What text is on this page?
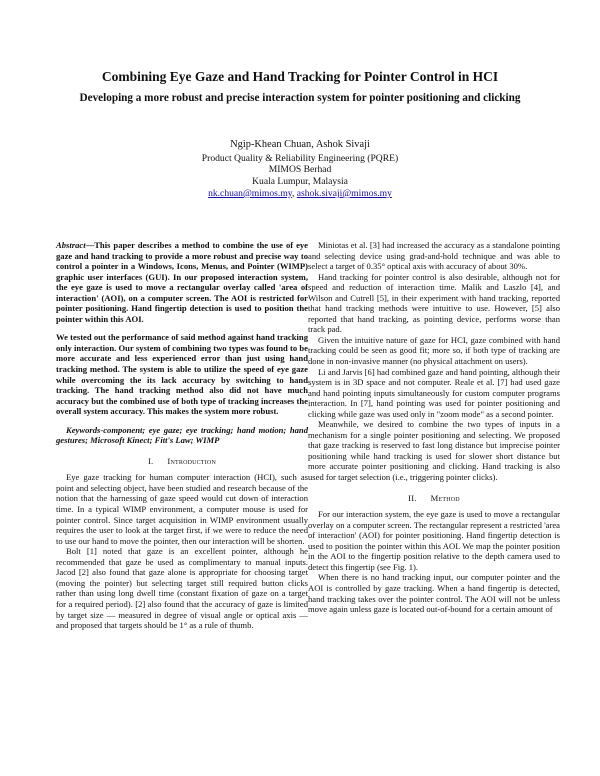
Combining Eye Gaze and Hand Tracking for Pointer Control in HCI
Developing a more robust and precise interaction system for pointer positioning and clicking
Ngip-Khean Chuan, Ashok Sivaji
Product Quality & Reliability Engineering (PQRE)
MIMOS Berhad
Kuala Lumpur, Malaysia
nk.chuan@mimos.my, ashok.sivaji@mimos.my

Abstract—This paper describes a method to combine the use of eye gaze and hand tracking to provide a more robust and precise way to control a pointer in a Windows, Icons, Menus, and Pointer (WIMP) graphic user interfaces (GUI). In our proposed interaction system, the eye gaze is used to move a rectangular overlay called 'area of interaction' (AOI), on a computer screen. The AOI is restricted for pointer positioning. Hand fingertip detection is used to position the pointer within this AOI.

We tested out the performance of said method against hand tracking only interaction. Our system of combining two types was found to be more accurate and less experienced error than just using hand tracking method. The system is able to utilize the speed of eye gaze while overcoming the its lack accuracy by switching to hand tracking. The hand tracking method also did not have much accuracy but the combined use of both type of tracking increases the overall system accuracy. This makes the system more robust.

Keywords-component; eye gaze; eye tracking; hand motion; hand gestures; Microsoft Kinect; Fitt's Law; WIMP

I. Introduction

Eye gaze tracking for human computer interaction (HCI), such as point and selecting object, have been studied and research because of the notion that the harnessing of gaze speed would cut down of interaction time. In a typical WIMP environment, a computer mouse is used for pointer control. Since target acquisition in WIMP environment usually requires the user to look at the target first, if we were to reduce the need to use our hand to move the pointer, then our interaction will be shorten.

Bolt [1] noted that gaze is an excellent pointer, although he recommended that gaze be used as complimentary to manual inputs. Jacod [2] also found that gaze alone is appropriate for choosing target (moving the pointer) but selecting target still required button clicks rather than using long dwell time (constant fixation of gaze on a target for a required period). [2] also found that the accuracy of gaze is limited by target size — measured in degree of visual angle or optical axis — and proposed that targets should be 1° as a rule of thumb.

Miniotas et al. [3] had increased the accuracy as a standalone pointing and selecting device using grad-and-hold technique and was able to select a target of 0.35° optical axis with accuracy of about 30%.

Hand tracking for pointer control is also desirable, although not for speed and reduction of interaction time. Malik and Laszlo [4], and Wilson and Cutrell [5], in their experiment with hand tracking, reported that hand tracking methods were intuitive to use. However, [5] also reported that hand tracking, as pointing device, performs worse than track pad.

Given the intuitive nature of gaze for HCI, gaze combined with hand tracking could be seen as good fit; more so, if both type of tracking are done in non-invasive manner (no physical attachment on users).

Li and Jarvis [6] had combined gaze and hand pointing, although their system is in 3D space and not computer. Reale et al. [7] had used gaze and hand pointing inputs simultaneously for custom computer programs interaction. In [7], hand pointing was used for pointer positioning and clicking while gaze was used only in "zoom mode" as a second pointer.

Meanwhile, we desired to combine the two types of inputs in a mechanism for a single pointer positioning and selecting. We proposed that gaze tracking is reserved to fast long distance but imprecise pointer positioning while hand tracking is used for slower short distance but more accurate pointer positioning and clicking. Hand tracking is also used for target selection (i.e., triggering pointer clicks).

II. Method

For our interaction system, the eye gaze is used to move a rectangular overlay on a computer screen. The rectangular represent a restricted 'area of interaction' (AOI) for pointer positioning. Hand fingertip detection is used to position the pointer within this AOI. We map the pointer position in the AOI to the fingertip position relative to the depth camera used to detect this fingertip (see Fig. 1).

When there is no hand tracking input, our computer pointer and the AOI is controlled by gaze tracking. When a hand fingertip is detected, hand tracking takes over the pointer control. The AOI will not be unless move again unless gaze is located out-of-bound for a certain amount of
